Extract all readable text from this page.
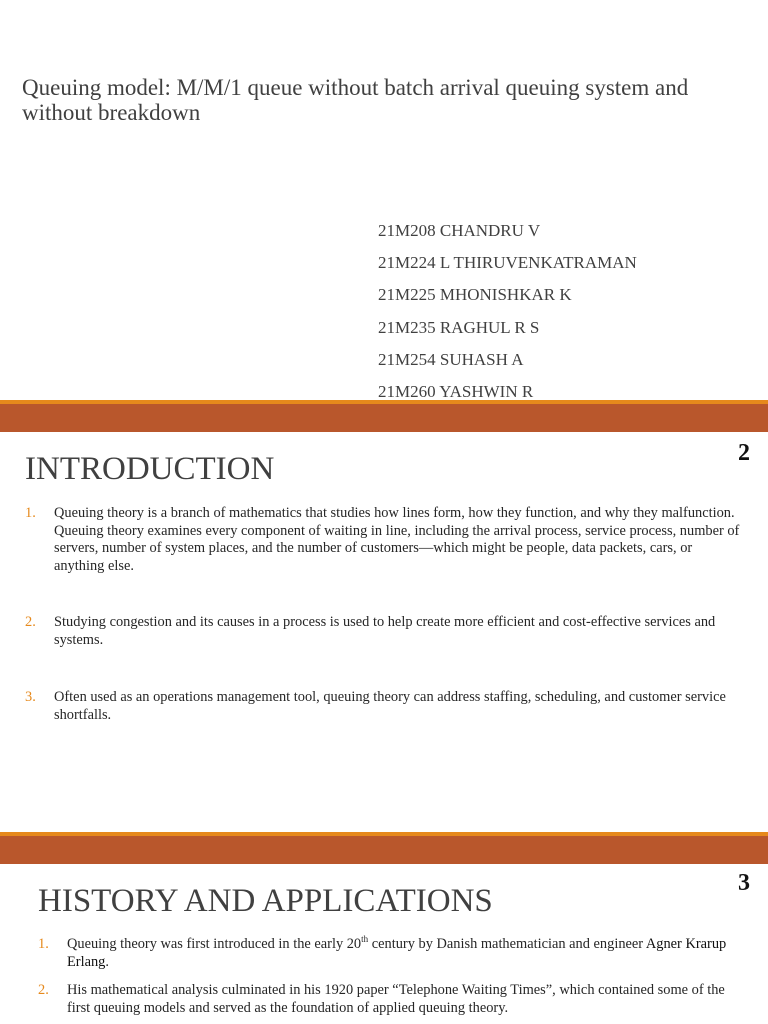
Queuing model: M/M/1 queue without batch arrival queuing system and without breakdown
21M208 CHANDRU V
21M224 L THIRUVENKATRAMAN
21M225 MHONISHKAR K
21M235 RAGHUL R S
21M254 SUHASH A
21M260 YASHWIN R
2
INTRODUCTION
1. Queuing theory is a branch of mathematics that studies how lines form, how they function, and why they malfunction. Queuing theory examines every component of waiting in line, including the arrival process, service process, number of servers, number of system places, and the number of customers—which might be people, data packets, cars, or anything else.
2. Studying congestion and its causes in a process is used to help create more efficient and cost-effective services and systems.
3. Often used as an operations management tool, queuing theory can address staffing, scheduling, and customer service shortfalls.
3
HISTORY AND APPLICATIONS
1. Queuing theory was first introduced in the early 20th century by Danish mathematician and engineer Agner Krarup Erlang.
2. His mathematical analysis culminated in his 1920 paper “Telephone Waiting Times”, which contained some of the first queuing models and served as the foundation of applied queuing theory.
